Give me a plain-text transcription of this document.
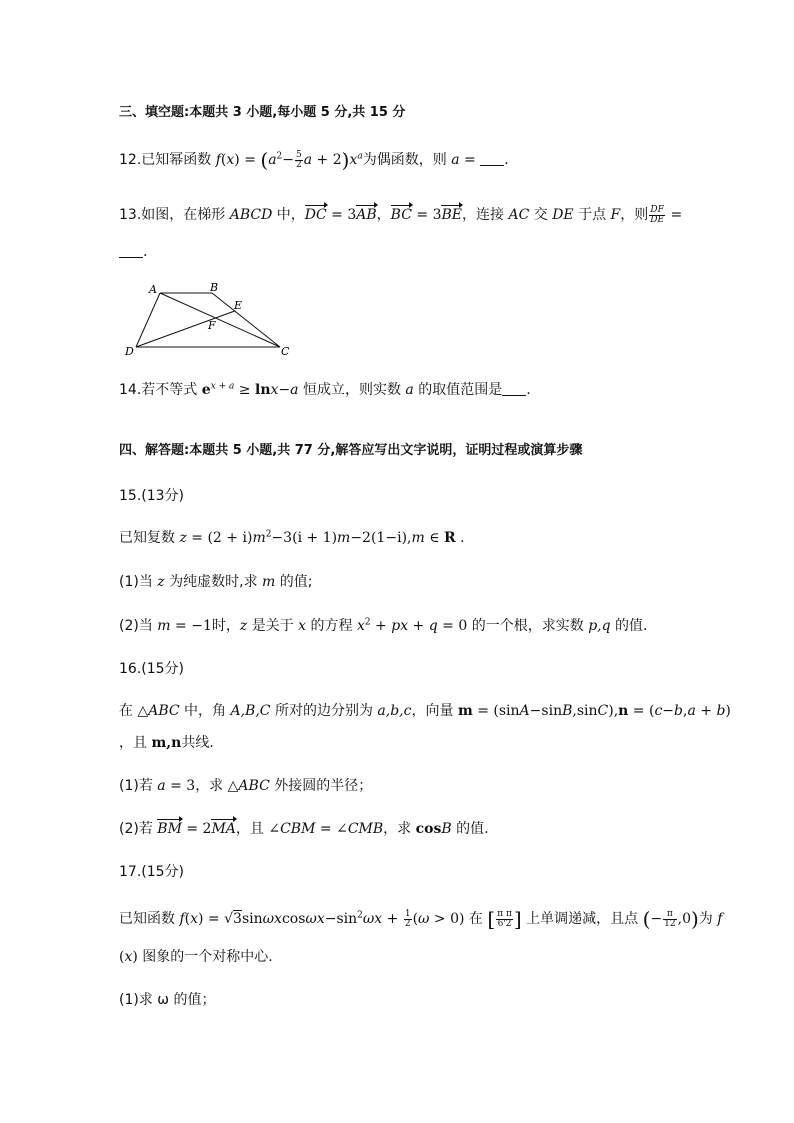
三、填空题:本题共 3 小题,每小题 5 分,共 15 分
12.已知幂函数 $f(x) = (a^2- \frac{5}{2}$ $a + 2)x^a$为偶函数，则 a = .
13.如图，在梯形 ABCD 中，DC = 3AB，BC = 3BE，连接 AC 交 DE 于点 F，则 $\frac{DF}{DE}$ =
.
A	B
E
F
D	C
14.若不等式 $e^{x + a} \ge \ln x-a$ 恒成立，则实数 a 的取值范围是 .
四、解答题:本题共 5 小题,共 77 分,解答应写出文字说明，证明过程或演算步骤
15.(13分)
已知复数 $z = (2 + i)m^2-3(i + 1)m-2(1-i),m$ ∈ R .
(1)当 z 为纯虚数时,求 m 的值;
(2)当 m = −1时，z 是关于 x 的方程 $x^2$ + px + q = 0 的一个根，求实数 p,q 的值.
16.(15分)
在 △ABC 中，角 A,B,C 所对的边分别为 a,b,c，向量 m = (sinA−sinB,sinC),n = (c−b,a + b)
，且 m,n共线.
(1)若 a = 3，求 △ABC 外接圆的半径；
(2)若 BM = 2MA，且 ∠CBM = ∠CMB，求 cosB 的值.
17.(15分)
已知函数 $f(x) = √3\sin\omega xcos\omega x-\sin^2\omega x + \frac{1}{2} (\omega > 0)$ 在 [ $\frac{\text{π π}}{6'2}$ ] 上单调递减，且点 (− $\frac{\pi}{12} ,0$)为 f
(x) 图象的一个对称中心.
(1)求 ω 的值；
